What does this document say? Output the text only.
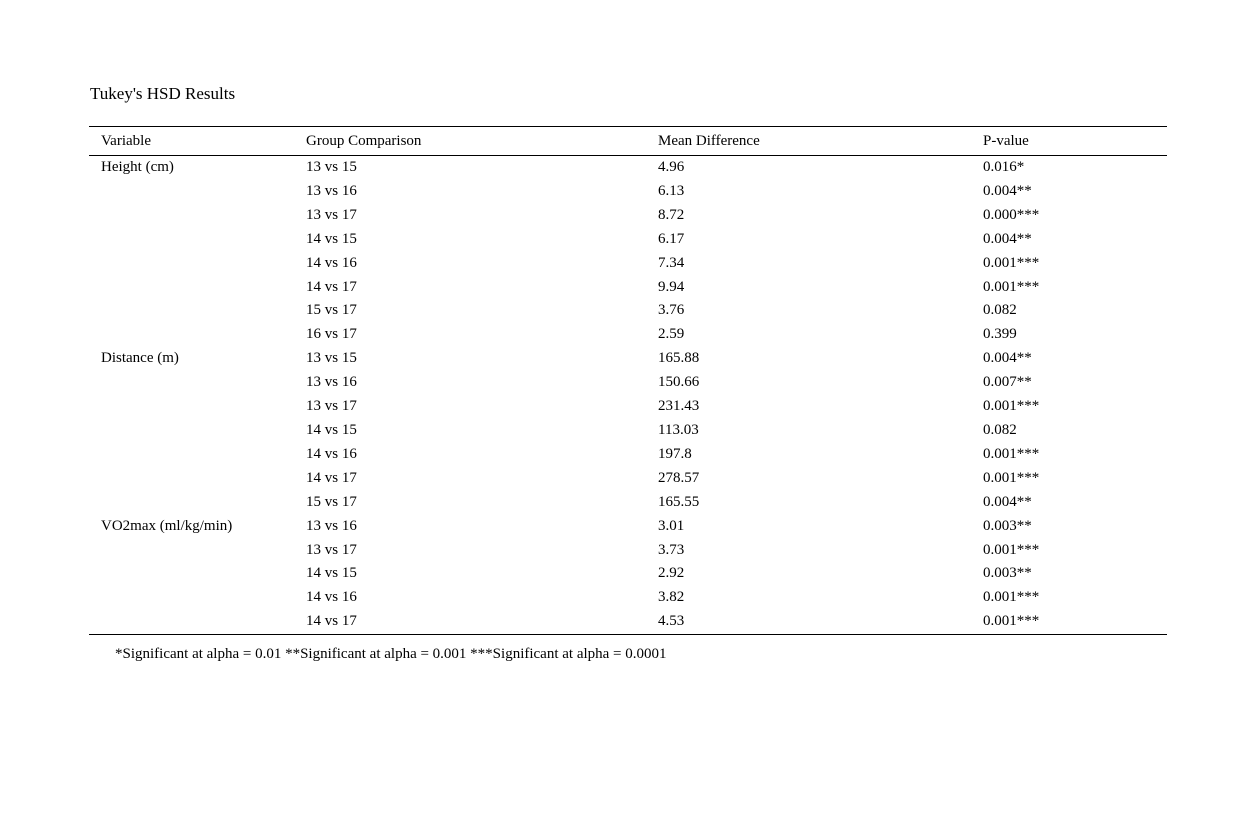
Tukey's HSD Results
Variable	Group Comparison	Mean Difference	P-value
Height (cm)	13 vs 15	4.96	0.016*
	13 vs 16	6.13	0.004**
	13 vs 17	8.72	0.000***
	14 vs 15	6.17	0.004**
	14 vs 16	7.34	0.001***
	14 vs 17	9.94	0.001***
	15 vs 17	3.76	0.082
	16 vs 17	2.59	0.399
Distance (m)	13 vs 15	165.88	0.004**
	13 vs 16	150.66	0.007**
	13 vs 17	231.43	0.001***
	14 vs 15	113.03	0.082
	14 vs 16	197.8	0.001***
	14 vs 17	278.57	0.001***
	15 vs 17	165.55	0.004**
VO2max (ml/kg/min)	13 vs 16	3.01	0.003**
	13 vs 17	3.73	0.001***
	14 vs 15	2.92	0.003**
	14 vs 16	3.82	0.001***
	14 vs 17	4.53	0.001***

*Significant at alpha = 0.01 **Significant at alpha = 0.001 ***Significant at alpha = 0.0001
